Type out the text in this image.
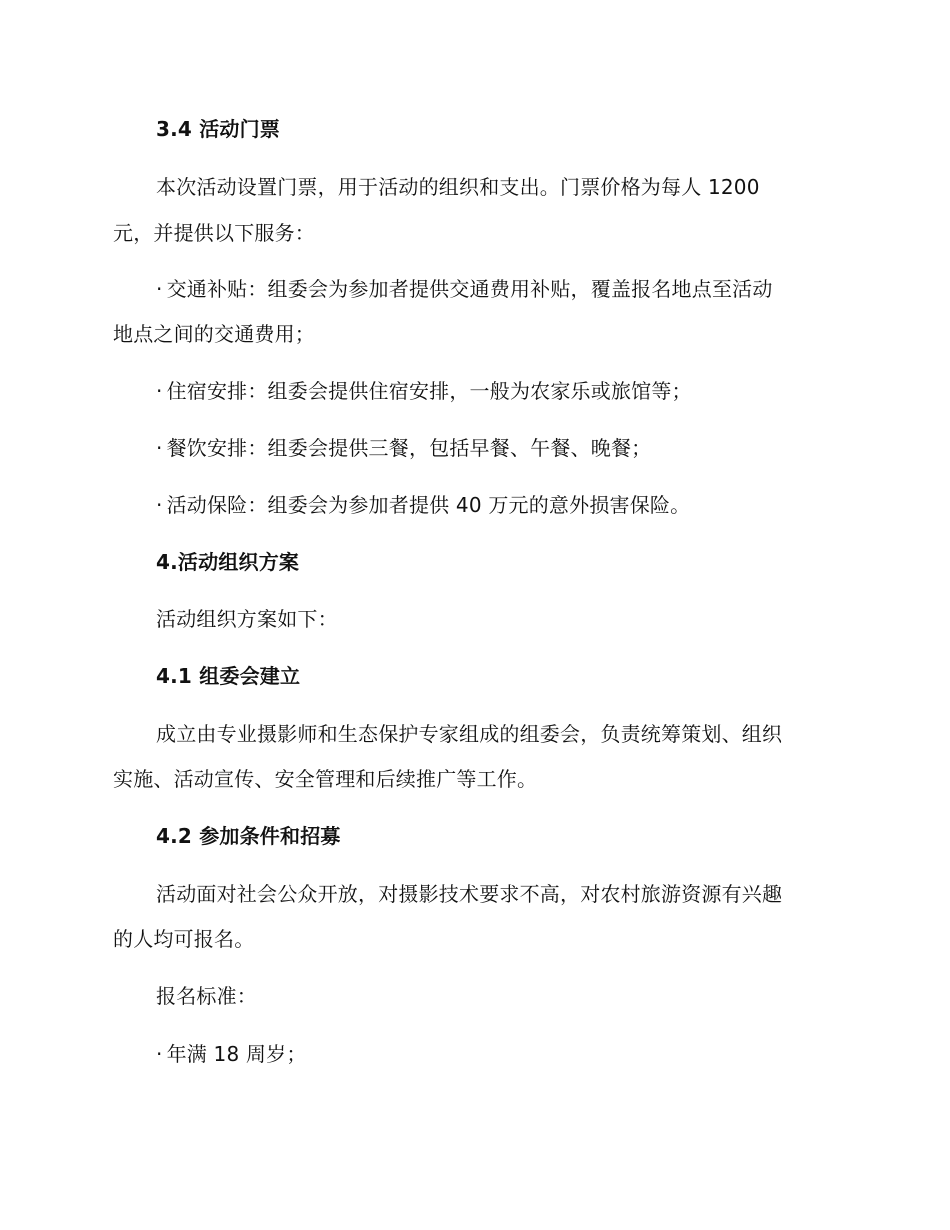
3.4 活动门票
本次活动设置门票，用于活动的组织和支出。门票价格为每人 1200
元，并提供以下服务：
· 交通补贴：组委会为参加者提供交通费用补贴，覆盖报名地点至活动
地点之间的交通费用；
· 住宿安排：组委会提供住宿安排，一般为农家乐或旅馆等；
· 餐饮安排：组委会提供三餐，包括早餐、午餐、晚餐；
· 活动保险：组委会为参加者提供 40 万元的意外损害保险。
4.活动组织方案
活动组织方案如下：
4.1 组委会建立
成立由专业摄影师和生态保护专家组成的组委会，负责统筹策划、组织
实施、活动宣传、安全管理和后续推广等工作。
4.2 参加条件和招募
活动面对社会公众开放，对摄影技术要求不高，对农村旅游资源有兴趣
的人均可报名。
报名标准：
· 年满 18 周岁；
